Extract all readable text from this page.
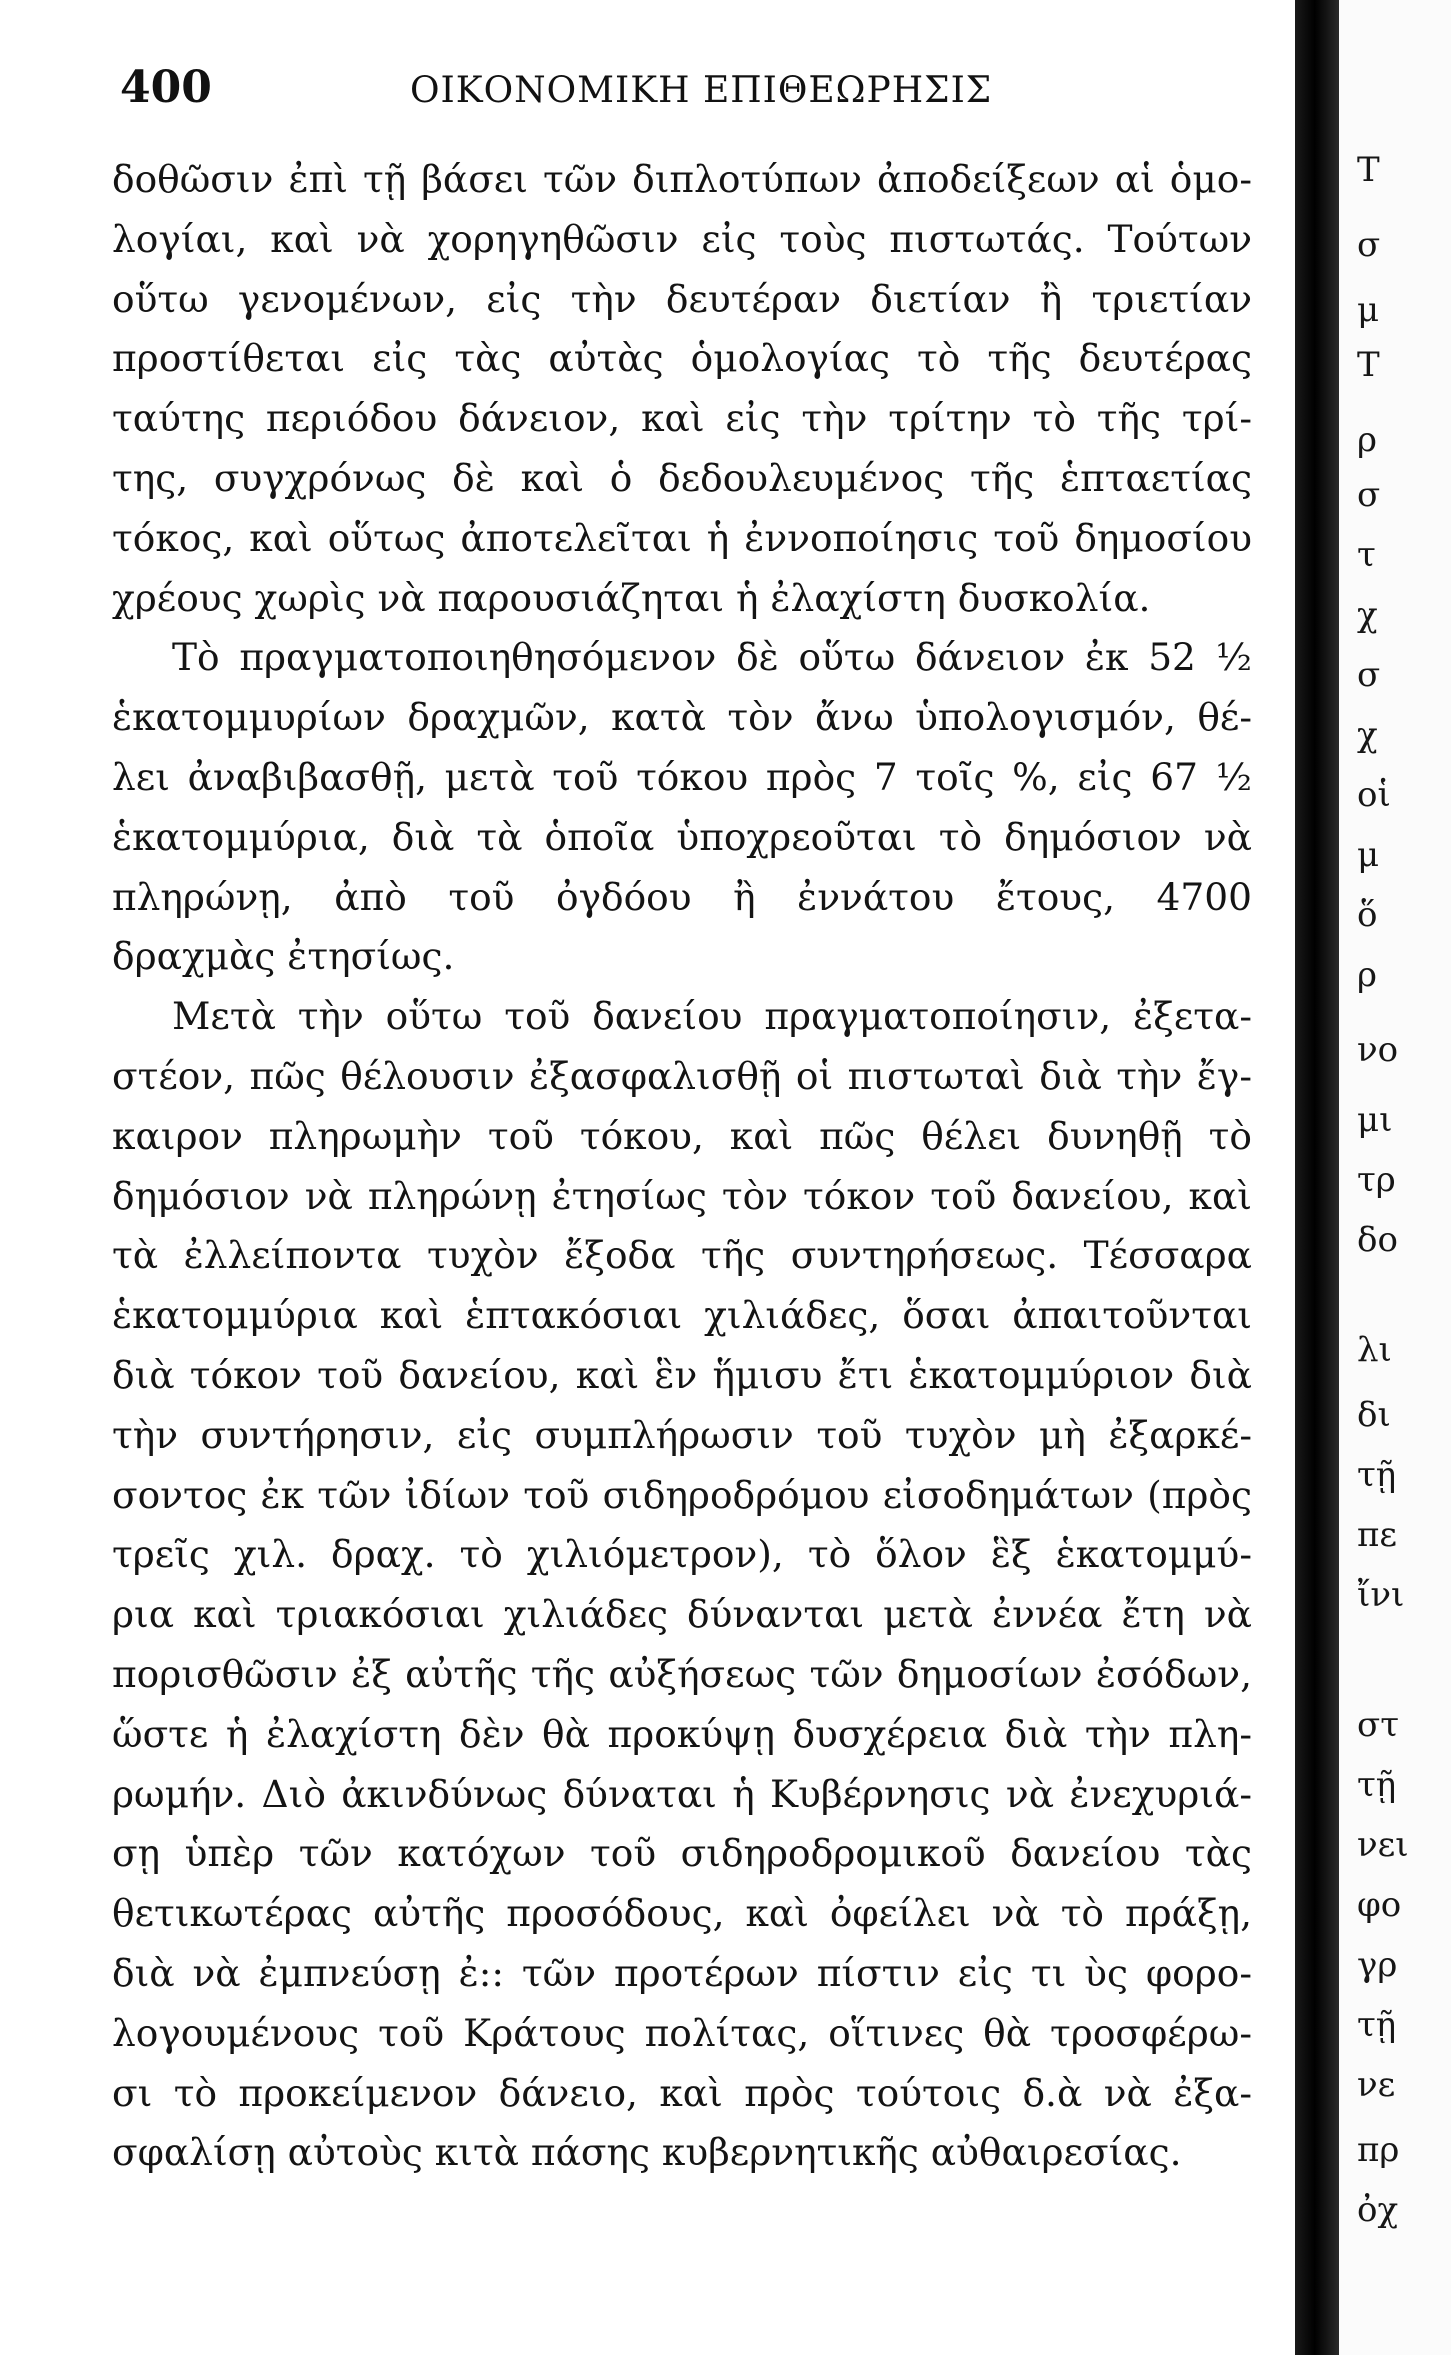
400	ΟΙΚΟΝΟΜΙΚΗ ΕΠΙΘΕΩΡΗΣΙΣ
δοθῶσιν ἐπὶ τῇ βάσει τῶν διπλοτύπων ἀποδείξεων αἱ ὁμο-
λογίαι, καὶ νὰ χορηγηθῶσιν εἰς τοὺς πιστωτάς. Τούτων
οὕτω γενομένων, εἰς τὴν δευτέραν διετίαν ἢ τριετίαν
προστίθεται εἰς τὰς αὐτὰς ὁμολογίας τὸ τῆς δευτέρας
ταύτης περιόδου δάνειον, καὶ εἰς τὴν τρίτην τὸ τῆς τρί-
της, συγχρόνως δὲ καὶ ὁ δεδουλευμένος τῆς ἑπταετίας
τόκος, καὶ οὕτως ἀποτελεῖται ἡ ἐννοποίησις τοῦ δημοσίου
χρέους χωρὶς νὰ παρουσιάζηται ἡ ἐλαχίστη δυσκολία.
Τὸ πραγματοποιηθησόμενον δὲ οὕτω δάνειον ἐκ 52 ½
ἑκατομμυρίων δραχμῶν, κατὰ τὸν ἄνω ὑπολογισμόν, θέ-
λει ἀναβιβασθῇ, μετὰ τοῦ τόκου πρὸς 7 τοῖς %, εἰς 67 ½
ἑκατομμύρια, διὰ τὰ ὁποῖα ὑποχρεοῦται τὸ δημόσιον νὰ
πληρώνῃ, ἀπὸ τοῦ ὀγδόου ἢ ἐννάτου ἔτους, 4700
δραχμὰς ἐτησίως.
Μετὰ τὴν οὕτω τοῦ δανείου πραγματοποίησιν, ἐξετα-
στέον, πῶς θέλουσιν ἐξασφαλισθῇ οἱ πιστωταὶ διὰ τὴν ἔγ-
καιρον πληρωμὴν τοῦ τόκου, καὶ πῶς θέλει δυνηθῇ τὸ
δημόσιον νὰ πληρώνῃ ἐτησίως τὸν τόκον τοῦ δανείου, καὶ
τὰ ἐλλείποντα τυχὸν ἔξοδα τῆς συντηρήσεως. Τέσσαρα
ἑκατομμύρια καὶ ἑπτακόσιαι χιλιάδες, ὅσαι ἀπαιτοῦνται
διὰ τόκον τοῦ δανείου, καὶ ἓν ἥμισυ ἔτι ἑκατομμύριον διὰ
τὴν συντήρησιν, εἰς συμπλήρωσιν τοῦ τυχὸν μὴ ἐξαρκέ-
σοντος ἐκ τῶν ἰδίων τοῦ σιδηροδρόμου εἰσοδημάτων (πρὸς
τρεῖς χιλ. δραχ. τὸ χιλιόμετρον), τὸ ὅλον ἓξ ἑκατομμύ-
ρια καὶ τριακόσιαι χιλιάδες δύνανται μετὰ ἐννέα ἔτη νὰ
πορισθῶσιν ἐξ αὐτῆς τῆς αὐξήσεως τῶν δημοσίων ἐσόδων,
ὥστε ἡ ἐλαχίστη δὲν θὰ προκύψῃ δυσχέρεια διὰ τὴν πλη-
ρωμήν. Διὸ ἀκινδύνως δύναται ἡ Κυβέρνησις νὰ ἐνεχυριά-
σῃ ὑπὲρ τῶν κατόχων τοῦ σιδηροδρομικοῦ δανείου τὰς
θετικωτέρας αὐτῆς προσόδους, καὶ ὀφείλει νὰ τὸ πράξῃ,
διὰ νὰ ἐμπνεύσῃ ἐ:: τῶν προτέρων πίστιν εἰς τι ὺς φορο-
λογουμένους τοῦ Κράτους πολίτας, οἵτινες θὰ τροσφέρω-
σι τὸ προκείμενον δάνειο, καὶ πρὸς τούτοις δ.ὰ νὰ ἐξα-
σφαλίσῃ αὐτοὺς κιτὰ πάσης κυβερνητικῆς αὐθαιρεσίας.
T
σ
μ
T
ρ
σ
τ
χ
σ
χ
οἱ
μ
ὅ
ρ
νο
μι
τρ
δο
λι
δι
τῇ
πε
ἴνι
στ
τῇ
νει
φο
γρ
τῇ
νε
πρ
ὀχ
